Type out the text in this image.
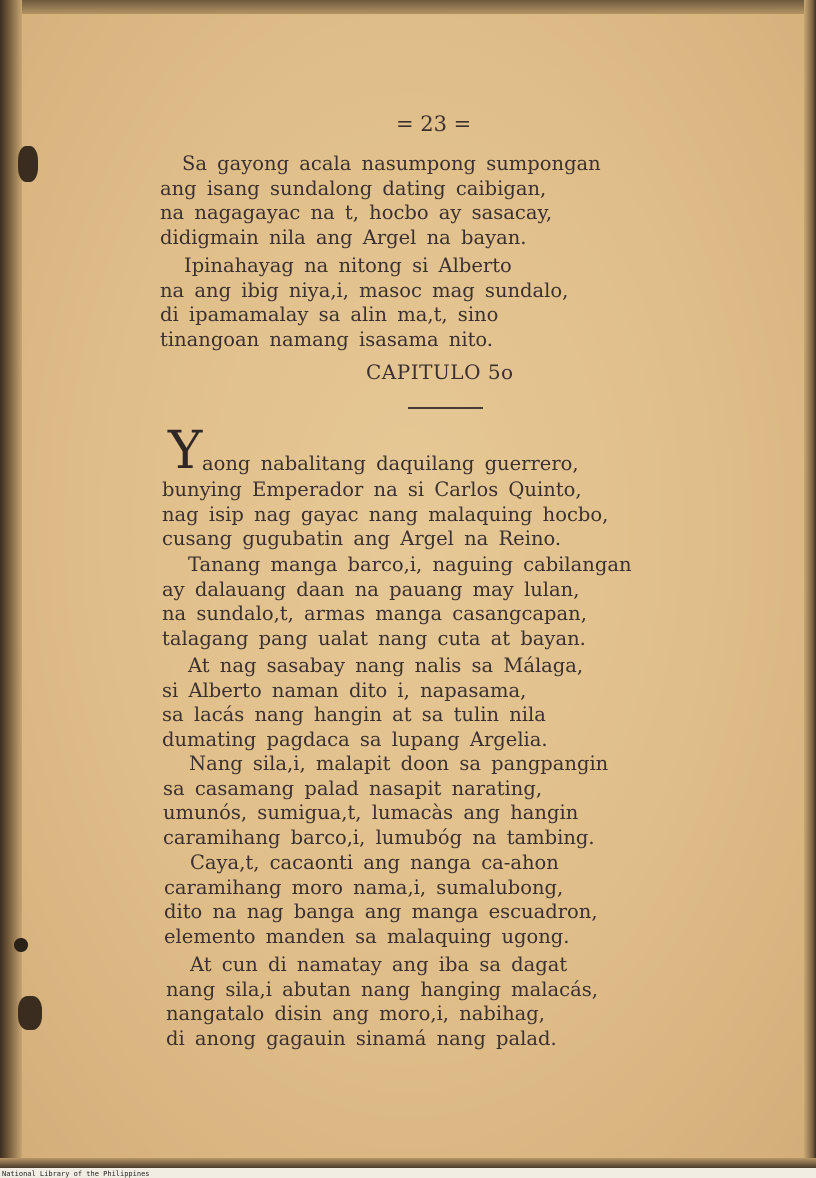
= 23 =

Sa gayong acala nasumpong sumpongan
ang isang sundalong dating caibigan,
na nagagayac na t, hocbo ay sasacay,
didigmain nila ang Argel na bayan.
Ipinahayag na nitong si Alberto
na ang ibig niya,i, masoc mag sundalo,
di ipamamalay sa alin ma,t, sino
tinangoan namang isasama nito.

CAPITULO 5o

Y aong nabalitang daquilang guerrero,

bunying Emperador na si Carlos Quinto,
nag isip nag gayac nang malaquing hocbo,
cusang gugubatin ang Argel na Reino.
Tanang manga barco,i, naguing cabilangan
ay dalauang daan na pauang may lulan,
na sundalo,t, armas manga casangcapan,
talagang pang ualat nang cuta at bayan.
At nag sasabay nang nalis sa Málaga,
si Alberto naman dito i, napasama,
sa lacás nang hangin at sa tulin nila
dumating pagdaca sa lupang Argelia.
Nang sila,i, malapit doon sa pangpangin
sa casamang palad nasapit narating,
umunós, sumigua,t, lumacàs ang hangin
caramihang barco,i, lumubóg na tambing.
Caya,t, cacaonti ang nanga ca-ahon
caramihang moro nama,i, sumalubong,
dito na nag banga ang manga escuadron,
elemento manden sa malaquing ugong.
At cun di namatay ang iba sa dagat
nang sila,i abutan nang hanging malacás,
nangatalo disin ang moro,i, nabihag,
di anong gagauin sinamá nang palad.
National Library of the Philippines
